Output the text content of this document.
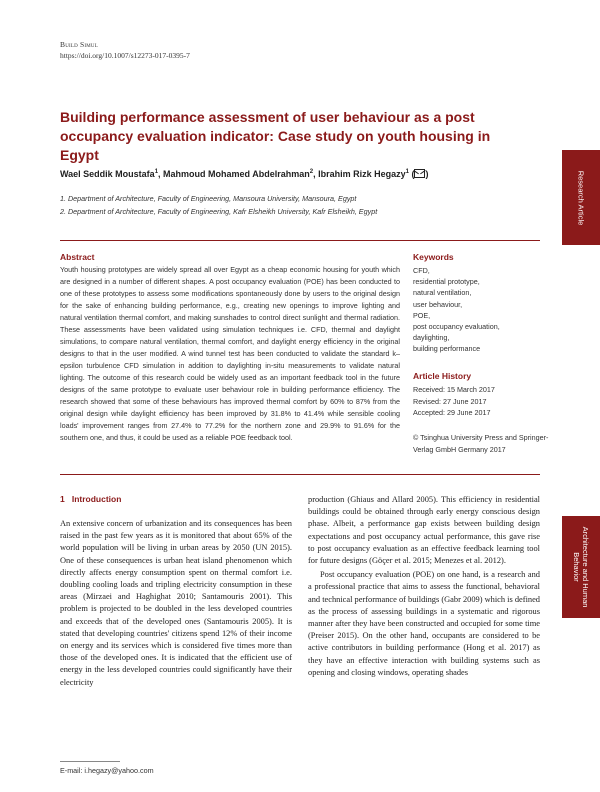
Build Simul
https://doi.org/10.1007/s12273-017-0395-7
Building performance assessment of user behaviour as a post occupancy evaluation indicator: Case study on youth housing in Egypt
Wael Seddik Moustafa$^1$, Mahmoud Mohamed Abdelrahman$^2$, Ibrahim Rizk Hegazy$^1$ ( )
1. Department of Architecture, Faculty of Engineering, Mansoura University, Mansoura, Egypt
2. Department of Architecture, Faculty of Engineering, Kafr Elsheikh University, Kafr Elsheikh, Egypt
Abstract
Youth housing prototypes are widely spread all over Egypt as a cheap economic housing for youth which are designed in a number of different shapes. A post occupancy evaluation (POE) has been conducted to one of these prototypes to assess some modifications spontaneously done by users to the original design for the sake of enhancing building performance, e.g., creating new openings to improve lighting and natural ventilation thermal comfort, and making sunshades to control direct sunlight and thermal radiation. These assessments have been validated using simulation techniques i.e. CFD, thermal and daylight simulations, to compare natural ventilation, thermal comfort, and daylight energy efficiency in the original designs to that in the user modified. A wind tunnel test has been conducted to validate the standard k–epsilon turbulence CFD simulation in addition to daylighting in-situ measurements to validate natural lighting. The outcome of this research could be widely used as an important feedback tool in the future designs of the same prototype to evaluate user behaviour role in building performance efficiency. The research showed that some of these behaviours has improved thermal comfort by 60% to 87% from the original design while daylight efficiency has been improved by 31.8% to 41.4% while sensible cooling loads' improvement ranges from 27.4% to 77.2% for the northern zone and 29.9% to 91.6% for the southern one, and thus, it could be used as a reliable POE feedback tool.
Keywords
CFD,
residential prototype,
natural ventilation,
user behaviour,
POE,
post occupancy evaluation,
daylighting,
building performance
Article History
Received: 15 March 2017
Revised: 27 June 2017
Accepted: 29 June 2017
© Tsinghua University Press and Springer-Verlag GmbH Germany 2017
1 Introduction

An extensive concern of urbanization and its consequences has been raised in the past few years as it is monitored that about 65% of the world population will be living in urban areas by 2050 (UN 2015). One of these consequences is urban heat island phenomenon which directly affects energy consumption spent on thermal comfort i.e. doubling cooling loads and tripling electricity consumption in these areas (Mirzaei and Haghighat 2010; Santamouris 2001). This problem is projected to be doubled in the less developed countries and exceeds that of the developed ones (Santamouris 2005). It is stated that developing countries' citizens spend 12% of their income on energy and its services which is considered five times more than those of the developed ones. It is indicated that the efficient use of energy in the less developed countries could significantly have their electricity

production (Ghiaus and Allard 2005). This efficiency in residential buildings could be obtained through early energy conscious design phase. Albeit, a performance gap exists between building design expectations and post occupancy actual performance, this gave rise to post occupancy evaluation as an effective feedback learning tool for future designs (Göçer et al. 2015; Menezes et al. 2012).

Post occupancy evaluation (POE) on one hand, is a research and a professional practice that aims to assess the functional, behavioral and technical performance of buildings (Gabr 2009) which is defined as the process of assessing buildings in a systematic and rigorous manner after they have been constructed and occupied for some time (Preiser 2015). On the other hand, occupants are considered to be active contributors in building performance (Hong et al. 2017) as they have an effective interaction with building systems such as opening and closing windows, operating shades

E-mail: i.hegazy@yahoo.com
Research Article
Architecture and Human
Behavior
